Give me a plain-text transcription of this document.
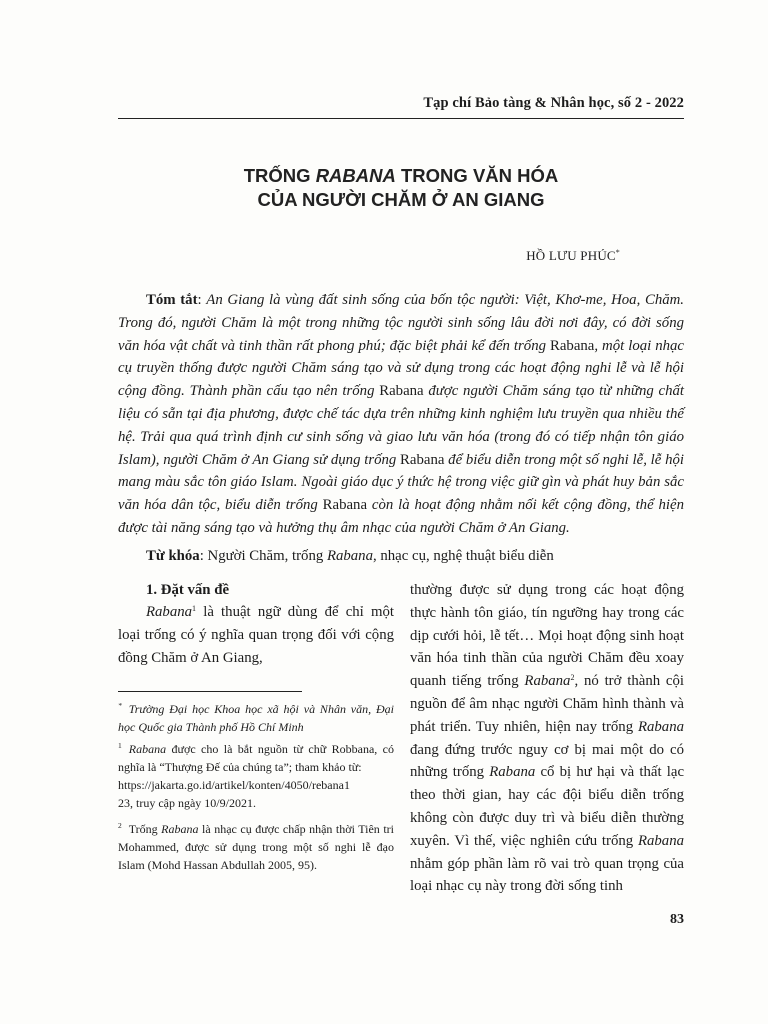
Tạp chí Bảo tàng & Nhân học, số 2 - 2022
TRỐNG RABANA TRONG VĂN HÓA
CỦA NGƯỜI CHĂM Ở AN GIANG
HỒ LƯU PHÚC*

Tóm tắt: An Giang là vùng đất sinh sống của bốn tộc người: Việt, Khơ-me, Hoa, Chăm. Trong đó, người Chăm là một trong những tộc người sinh sống lâu đời nơi đây, có đời sống văn hóa vật chất và tinh thần rất phong phú; đặc biệt phải kể đến trống Rabana, một loại nhạc cụ truyền thống được người Chăm sáng tạo và sử dụng trong các hoạt động nghi lễ và lễ hội cộng đồng. Thành phần cấu tạo nên trống Rabana được người Chăm sáng tạo từ những chất liệu có sẵn tại địa phương, được chế tác dựa trên những kinh nghiệm lưu truyền qua nhiều thế hệ. Trải qua quá trình định cư sinh sống và giao lưu văn hóa (trong đó có tiếp nhận tôn giáo Islam), người Chăm ở An Giang sử dụng trống Rabana để biểu diễn trong một số nghi lễ, lễ hội mang màu sắc tôn giáo Islam. Ngoài giáo dục ý thức hệ trong việc giữ gìn và phát huy bản sắc văn hóa dân tộc, biểu diễn trống Rabana còn là hoạt động nhằm nối kết cộng đồng, thể hiện được tài năng sáng tạo và hưởng thụ âm nhạc của người Chăm ở An Giang.

Từ khóa: Người Chăm, trống Rabana, nhạc cụ, nghệ thuật biểu diễn

1. Đặt vấn đề

Rabana$^1$ là thuật ngữ dùng để chỉ một loại trống có ý nghĩa quan trọng đối với cộng đồng Chăm ở An Giang,

* Trường Đại học Khoa học xã hội và Nhân văn, Đại học Quốc gia Thành phố Hồ Chí Minh

$^1$ Rabana được cho là bắt nguồn từ chữ Robbana, có nghĩa là “Thượng Đế của chúng ta”; tham khảo từ:
https://jakarta.go.id/artikel/konten/4050/rebana1
23, truy cập ngày 10/9/2021.

$^2$ Trống Rabana là nhạc cụ được chấp nhận thời Tiên tri Mohammed, được sử dụng trong một số nghi lễ đạo Islam (Mohd Hassan Abdullah 2005, 95).

thường được sử dụng trong các hoạt động thực hành tôn giáo, tín ngưỡng hay trong các dịp cưới hỏi, lễ tết… Mọi hoạt động sinh hoạt văn hóa tinh thần của người Chăm đều xoay quanh tiếng trống Rabana$^2$, nó trở thành cội nguồn để âm nhạc người Chăm hình thành và phát triển. Tuy nhiên, hiện nay trống Rabana đang đứng trước nguy cơ bị mai một do có những trống Rabana cổ bị hư hại và thất lạc theo thời gian, hay các đội biểu diễn trống không còn được duy trì và biểu diễn thường xuyên. Vì thế, việc nghiên cứu trống Rabana nhằm góp phần làm rõ vai trò quan trọng của loại nhạc cụ này trong đời sống tinh

83
